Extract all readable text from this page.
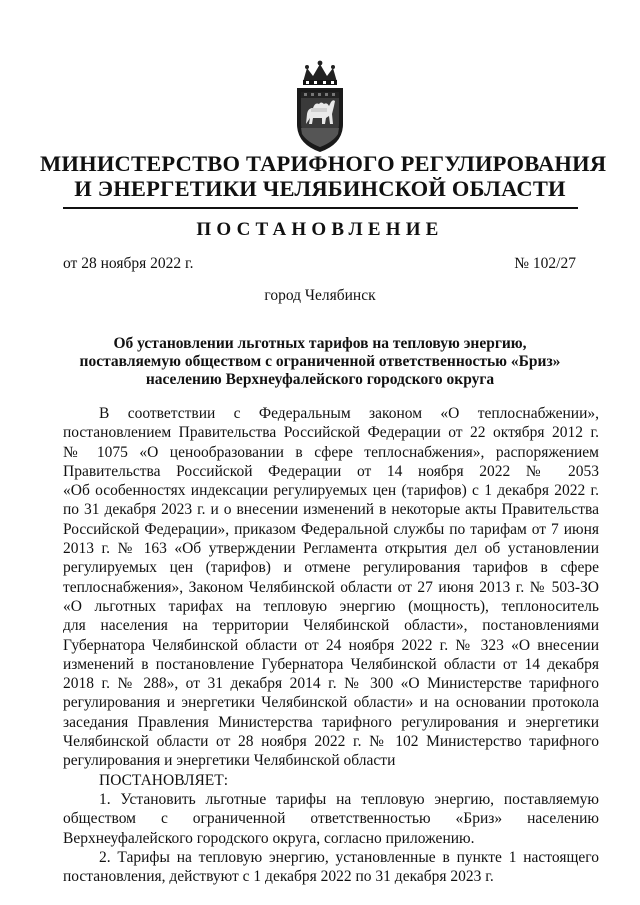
МИНИСТЕРСТВО ТАРИФНОГО РЕГУЛИРОВАНИЯ
И ЭНЕРГЕТИКИ ЧЕЛЯБИНСКОЙ ОБЛАСТИ
ПОСТАНОВЛЕНИЕ
от 28 ноября 2022 г.	№ 102/27
город Челябинск
Об установлении льготных тарифов на тепловую энергию,
поставляемую обществом с ограниченной ответственностью «Бриз»
населению Верхнеуфалейского городского округа
В соответствии с Федеральным законом «О теплоснабжении»,
постановлением Правительства Российской Федерации от 22 октября 2012 г.
№ 1075 «О ценообразовании в сфере теплоснабжения», распоряжением
Правительства Российской Федерации от 14 ноября 2022 № 2053
«Об особенностях индексации регулируемых цен (тарифов) с 1 декабря 2022 г.
по 31 декабря 2023 г. и о внесении изменений в некоторые акты Правительства
Российской Федерации», приказом Федеральной службы по тарифам от 7 июня
2013 г. № 163 «Об утверждении Регламента открытия дел об установлении
регулируемых цен (тарифов) и отмене регулирования тарифов в сфере
теплоснабжения», Законом Челябинской области от 27 июня 2013 г. № 503-ЗО
«О льготных тарифах на тепловую энергию (мощность), теплоноситель
для населения на территории Челябинской области», постановлениями
Губернатора Челябинской области от 24 ноября 2022 г. № 323 «О внесении
изменений в постановление Губернатора Челябинской области от 14 декабря
2018 г. № 288», от 31 декабря 2014 г. № 300 «О Министерстве тарифного
регулирования и энергетики Челябинской области» и на основании протокола
заседания Правления Министерства тарифного регулирования и энергетики
Челябинской области от 28 ноября 2022 г. № 102 Министерство тарифного
регулирования и энергетики Челябинской области
ПОСТАНОВЛЯЕТ:
1. Установить льготные тарифы на тепловую энергию, поставляемую
обществом с ограниченной ответственностью «Бриз» населению
Верхнеуфалейского городского округа, согласно приложению.
2. Тарифы на тепловую энергию, установленные в пункте 1 настоящего
постановления, действуют с 1 декабря 2022 по 31 декабря 2023 г.
